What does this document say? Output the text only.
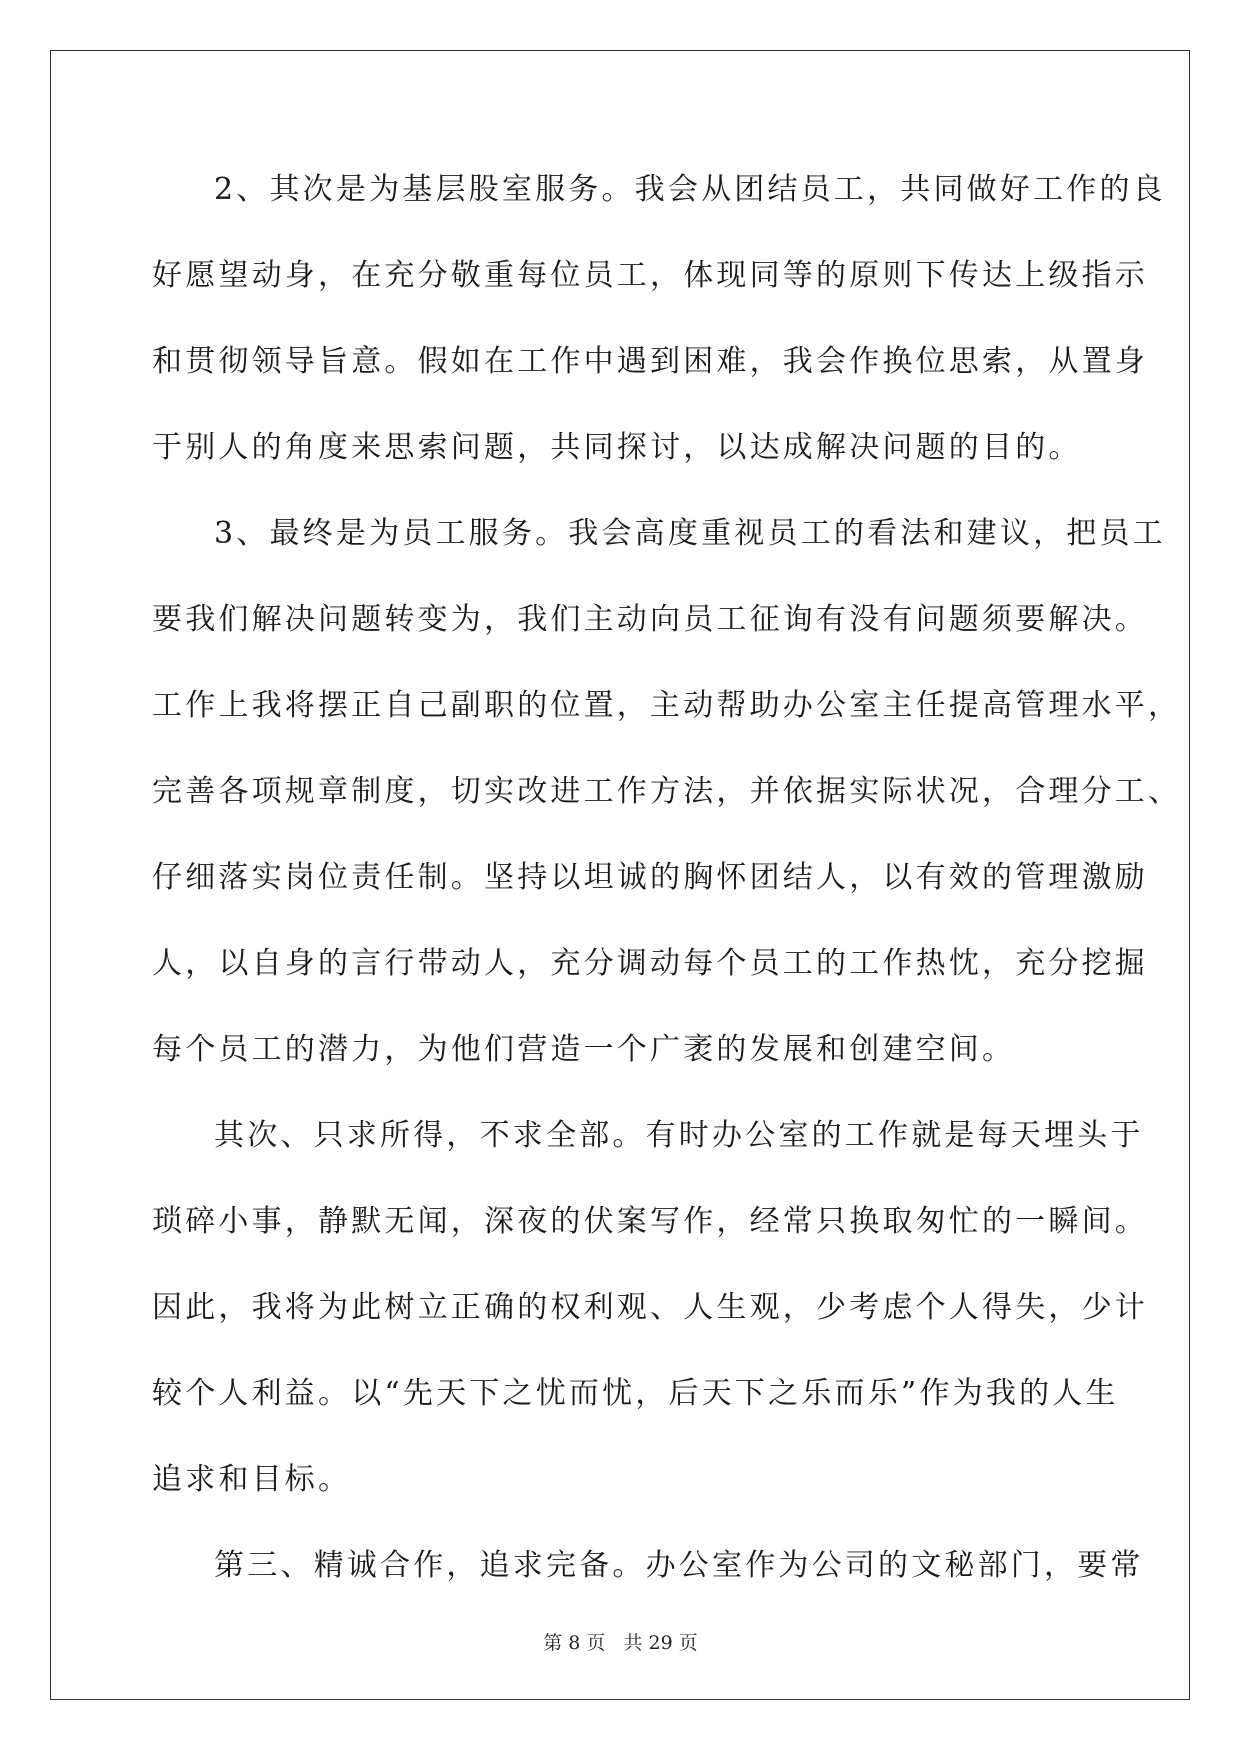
2、其次是为基层股室服务。我会从团结员工，共同做好工作的良
好愿望动身，在充分敬重每位员工，体现同等的原则下传达上级指示
和贯彻领导旨意。假如在工作中遇到困难，我会作换位思索，从置身
于别人的角度来思索问题，共同探讨，以达成解决问题的目的。
3、最终是为员工服务。我会高度重视员工的看法和建议，把员工
要我们解决问题转变为，我们主动向员工征询有没有问题须要解决。
工作上我将摆正自己副职的位置，主动帮助办公室主任提高管理水平，
完善各项规章制度，切实改进工作方法，并依据实际状况，合理分工、
仔细落实岗位责任制。坚持以坦诚的胸怀团结人，以有效的管理激励
人，以自身的言行带动人，充分调动每个员工的工作热忱，充分挖掘
每个员工的潜力，为他们营造一个广袤的发展和创建空间。
其次、只求所得，不求全部。有时办公室的工作就是每天埋头于
琐碎小事，静默无闻，深夜的伏案写作，经常只换取匆忙的一瞬间。
因此，我将为此树立正确的权利观、人生观，少考虑个人得失，少计
较个人利益。以“先天下之忧而忧，后天下之乐而乐”作为我的人生
追求和目标。
第三、精诚合作，追求完备。办公室作为公司的文秘部门，要常
第 8 页 共 29 页
